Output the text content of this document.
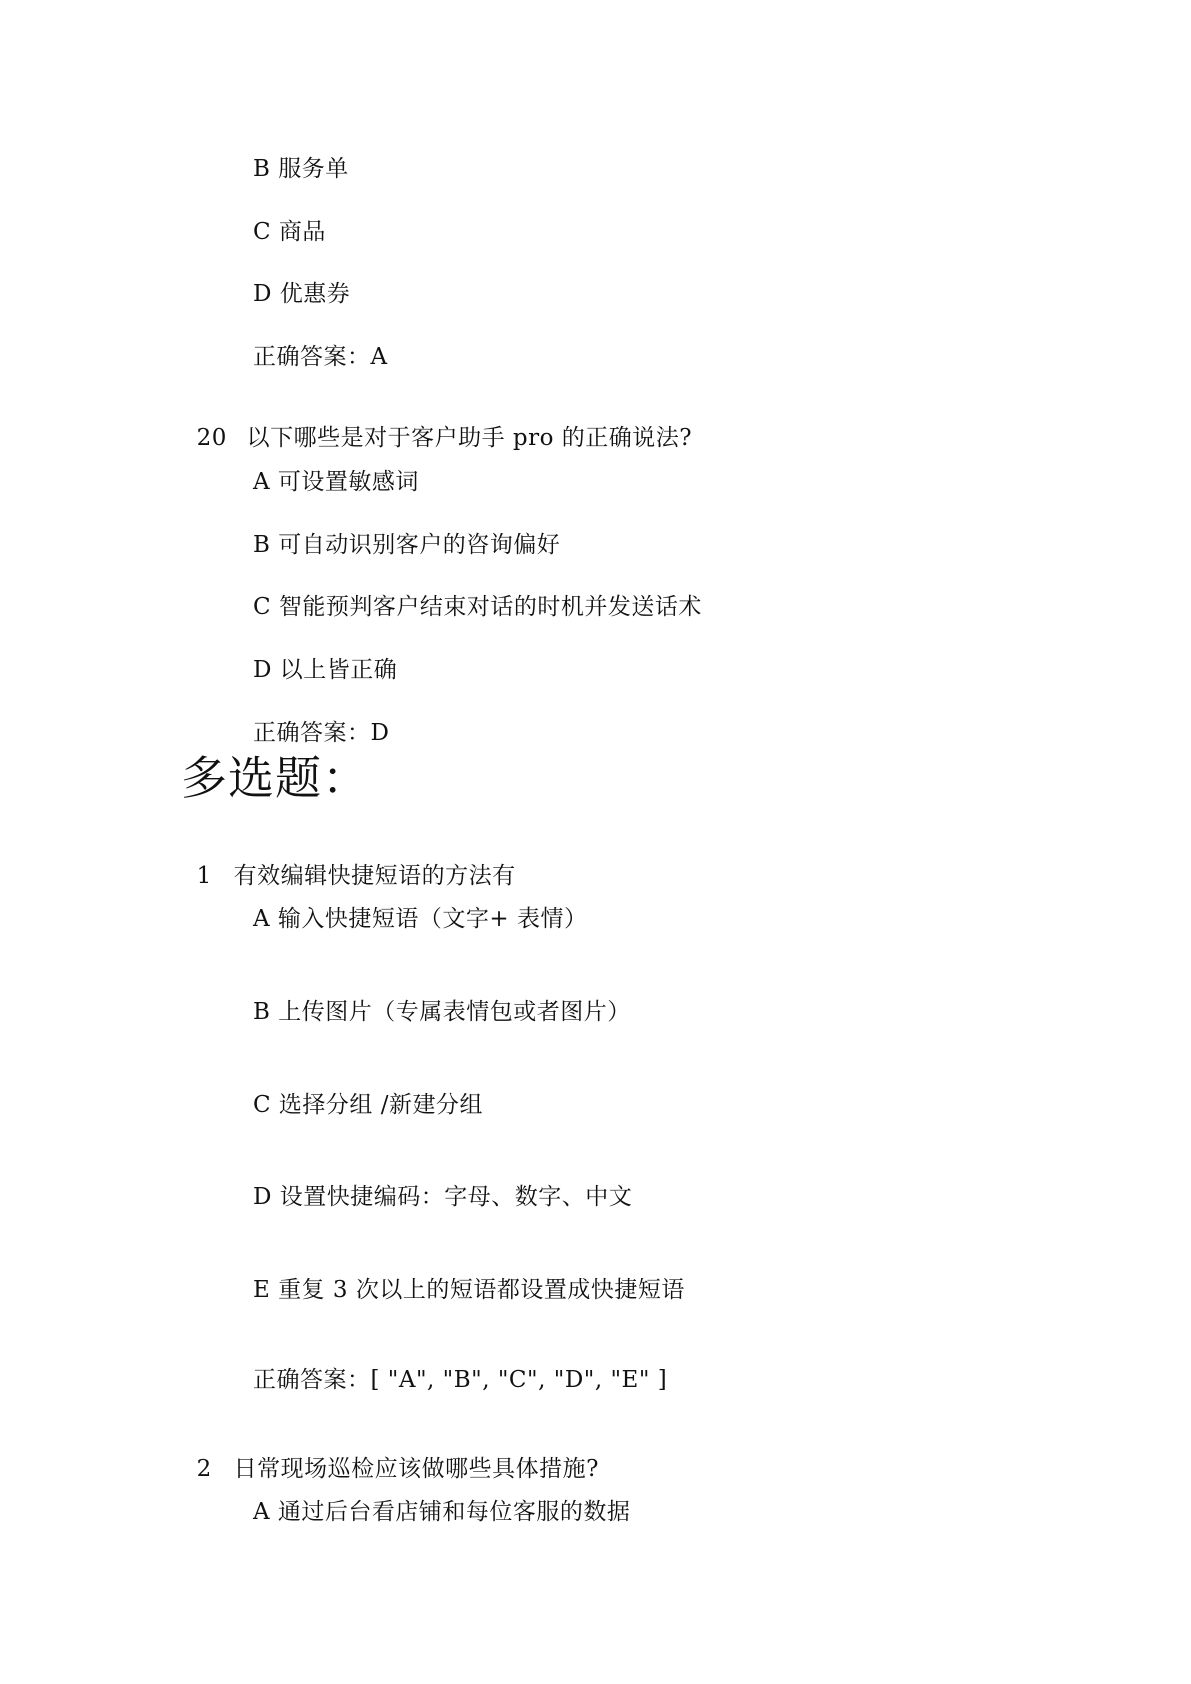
B 服务单
C 商品
D 优惠券
正确答案：A

20 以下哪些是对于客户助手 pro 的正确说法?

A 可设置敏感词
B 可自动识别客户的咨询偏好
C 智能预判客户结束对话的时机并发送话术
D 以上皆正确
正确答案：D
多选题：

1 有效编辑快捷短语的方法有

A 输入快捷短语（文字+ 表情）
B 上传图片（专属表情包或者图片）
C 选择分组 /新建分组
D 设置快捷编码：字母、数字、中文
E 重复 3 次以上的短语都设置成快捷短语
正确答案：[ "A", "B", "C", "D", "E" ]

2 日常现场巡检应该做哪些具体措施?

A 通过后台看店铺和每位客服的数据
